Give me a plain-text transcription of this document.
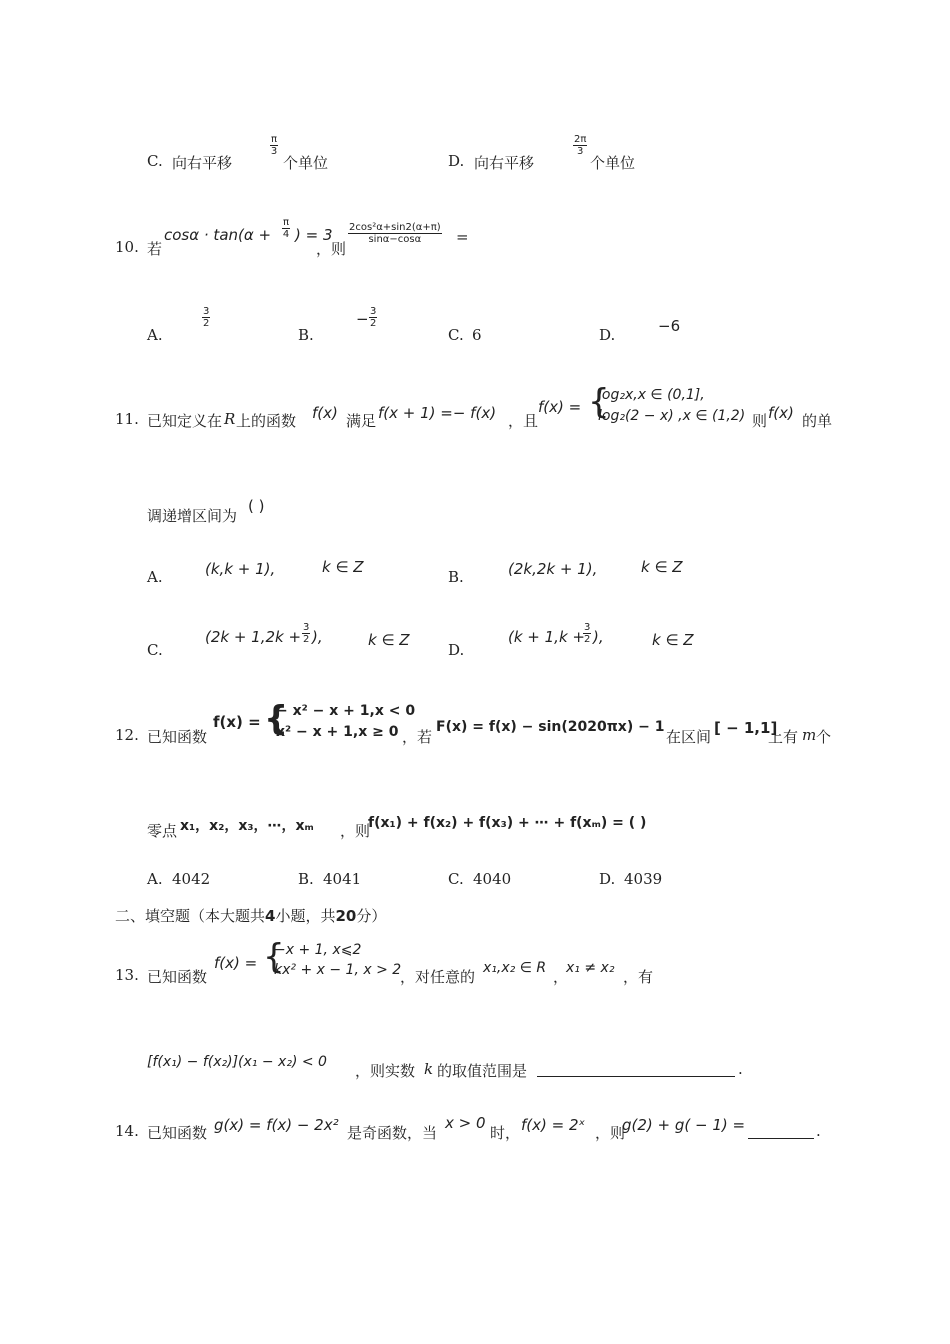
C. 向右平移
$\frac{\pi}{3}$
个单位	D. 向右平移
$\frac{2\pi}{3}$
个单位
10. 若
$\cos\alpha \cdot \tan(\alpha + \frac{\pi}{4}$ ) = 3
，则
$\frac{\text{2cos²α+sin2(α+π)}}{\sin\alpha-\cos\alpha}$ =
A.
$\frac{3}{2}$
B.
− $\frac{3}{2}$
C. 6	D.	−6
11. 已知定义在 R 上的函数 f(x) 满足 f(x + 1) =− f(x) ，且
f(x) = {
log₂x,x ∈ (0,1],
log₂(2 − x) ,x ∈ (1,2) 则 f(x) 的单
调递增区间为
( )
A.	(k,k + 1),	k ∈ Z
B.	(2k,2k + 1),	k ∈ Z
C.
($2k + 1,2k + \frac{3}{2}$ ),	k ∈ Z
D.
(k + 1,k +
$\frac{3}{2}$ ),	k ∈ Z
12. 已知函数
f(x) = {
− x² − x + 1,x < 0
x² − x + 1,x ≥ 0 ，若
F(x) = f(x) − sin(2020πx) − 1
在区间 [ − 1,1]
上有 m 个
零点 x₁，x₂，x₃，⋯，xₘ ，则
f(x₁) + f(x₂) + f(x₃) + ⋯ + f(xₘ) = ( )
A. 4042	B. 4041	C. 4040	D. 4039
二、填空题（本大题共4小题，共20分）
13. 已知函数
f(x) = {
−x + 1, x⩽2
kx² + x − 1, x > 2
，对任意的 x₁,x₂ ∈ R ，
x₁ ≠ x₂ ，有
[f(x₁) − f(x₂)](x₁ − x₂) < 0 ，则实数 k 的取值范围是	.
14. 已知函数 g(x) = f(x) − 2x² 是奇函数，当
x > 0
时， f(x) = 2ˣ ，则
g(2) + g( − 1) =	.
